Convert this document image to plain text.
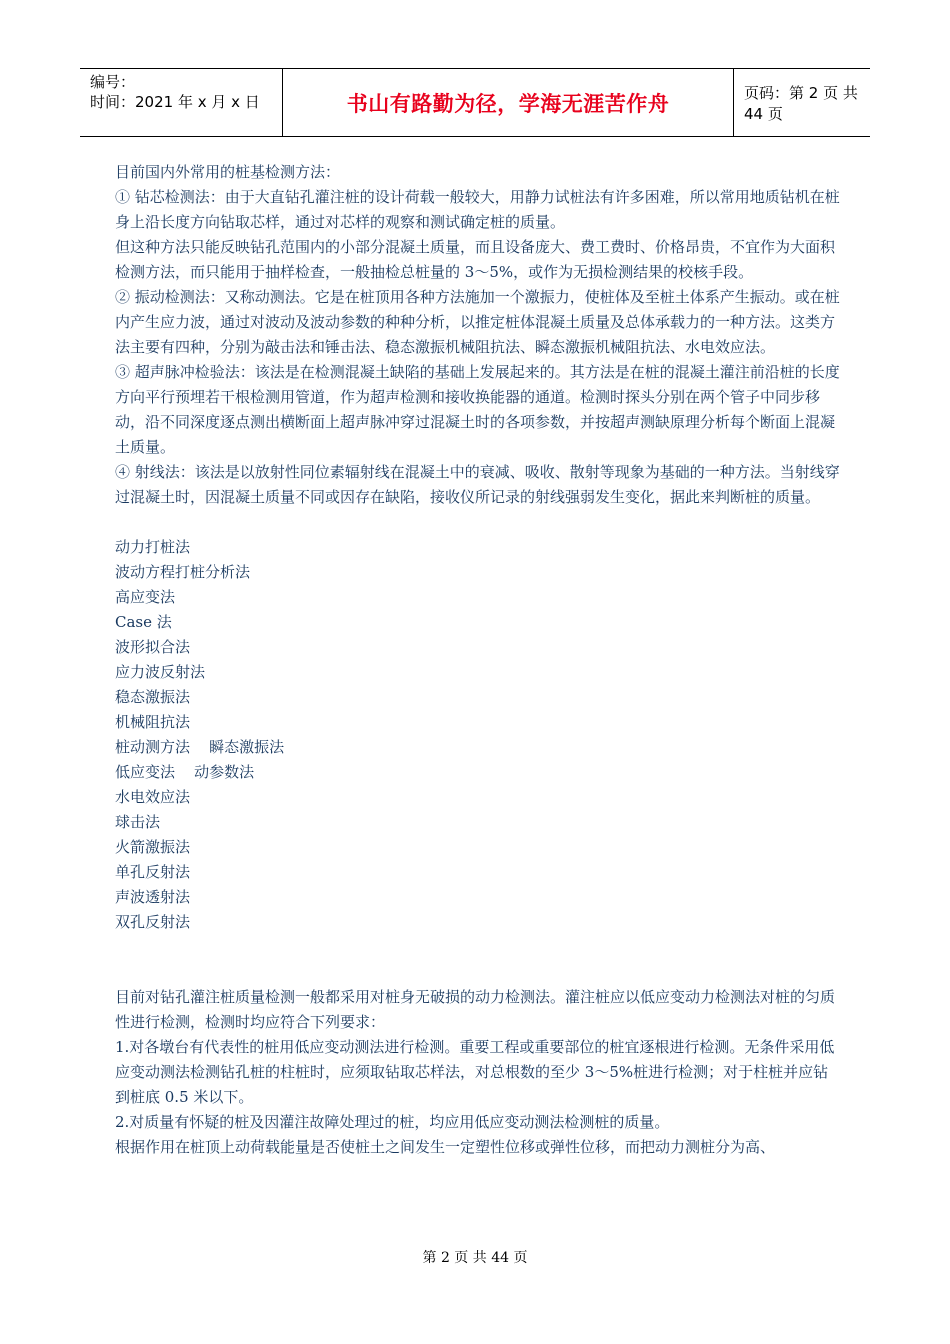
编号：
时间：2021 年 x 月 x 日	书山有路勤为径，学海无涯苦作舟	页码：第 2 页 共 44 页

目前国内外常用的桩基检测方法：

① 钻芯检测法：由于大直钻孔灌注桩的设计荷载一般较大，用静力试桩法有许多困难，所以常用地质钻机在桩身上沿长度方向钻取芯样，通过对芯样的观察和测试确定桩的质量。

但这种方法只能反映钻孔范围内的小部分混凝土质量，而且设备庞大、费工费时、价格昂贵，不宜作为大面积检测方法，而只能用于抽样检查，一般抽检总桩量的 3～5%，或作为无损检测结果的校核手段。

② 振动检测法：又称动测法。它是在桩顶用各种方法施加一个激振力，使桩体及至桩土体系产生振动。或在桩内产生应力波，通过对波动及波动参数的种种分析，以推定桩体混凝土质量及总体承载力的一种方法。这类方法主要有四种，分别为敲击法和锤击法、稳态激振机械阻抗法、瞬态激振机械阻抗法、水电效应法。

③ 超声脉冲检验法：该法是在检测混凝土缺陷的基础上发展起来的。其方法是在桩的混凝土灌注前沿桩的长度方向平行预埋若干根检测用管道，作为超声检测和接收换能器的通道。检测时探头分别在两个管子中同步移动，沿不同深度逐点测出横断面上超声脉冲穿过混凝土时的各项参数，并按超声测缺原理分析每个断面上混凝土质量。

④ 射线法：该法是以放射性同位素辐射线在混凝土中的衰减、吸收、散射等现象为基础的一种方法。当射线穿过混凝土时，因混凝土质量不同或因存在缺陷，接收仪所记录的射线强弱发生变化，据此来判断桩的质量。

动力打桩法
波动方程打桩分析法
高应变法
Case 法
波形拟合法
应力波反射法
稳态激振法
机械阻抗法
桩动测方法    瞬态激振法
低应变法    动参数法
水电效应法
球击法
火箭激振法
单孔反射法
声波透射法
双孔反射法

目前对钻孔灌注桩质量检测一般都采用对桩身无破损的动力检测法。灌注桩应以低应变动力检测法对桩的匀质性进行检测，检测时均应符合下列要求：

1.对各墩台有代表性的桩用低应变动测法进行检测。重要工程或重要部位的桩宜逐根进行检测。无条件采用低应变动测法检测钻孔桩的柱桩时，应须取钻取芯样法，对总根数的至少 3～5%桩进行检测；对于柱桩并应钻到桩底 0.5 米以下。

2.对质量有怀疑的桩及因灌注故障处理过的桩，均应用低应变动测法检测桩的质量。

根据作用在桩顶上动荷载能量是否使桩土之间发生一定塑性位移或弹性位移，而把动力测桩分为高、

第 2 页 共 44 页
